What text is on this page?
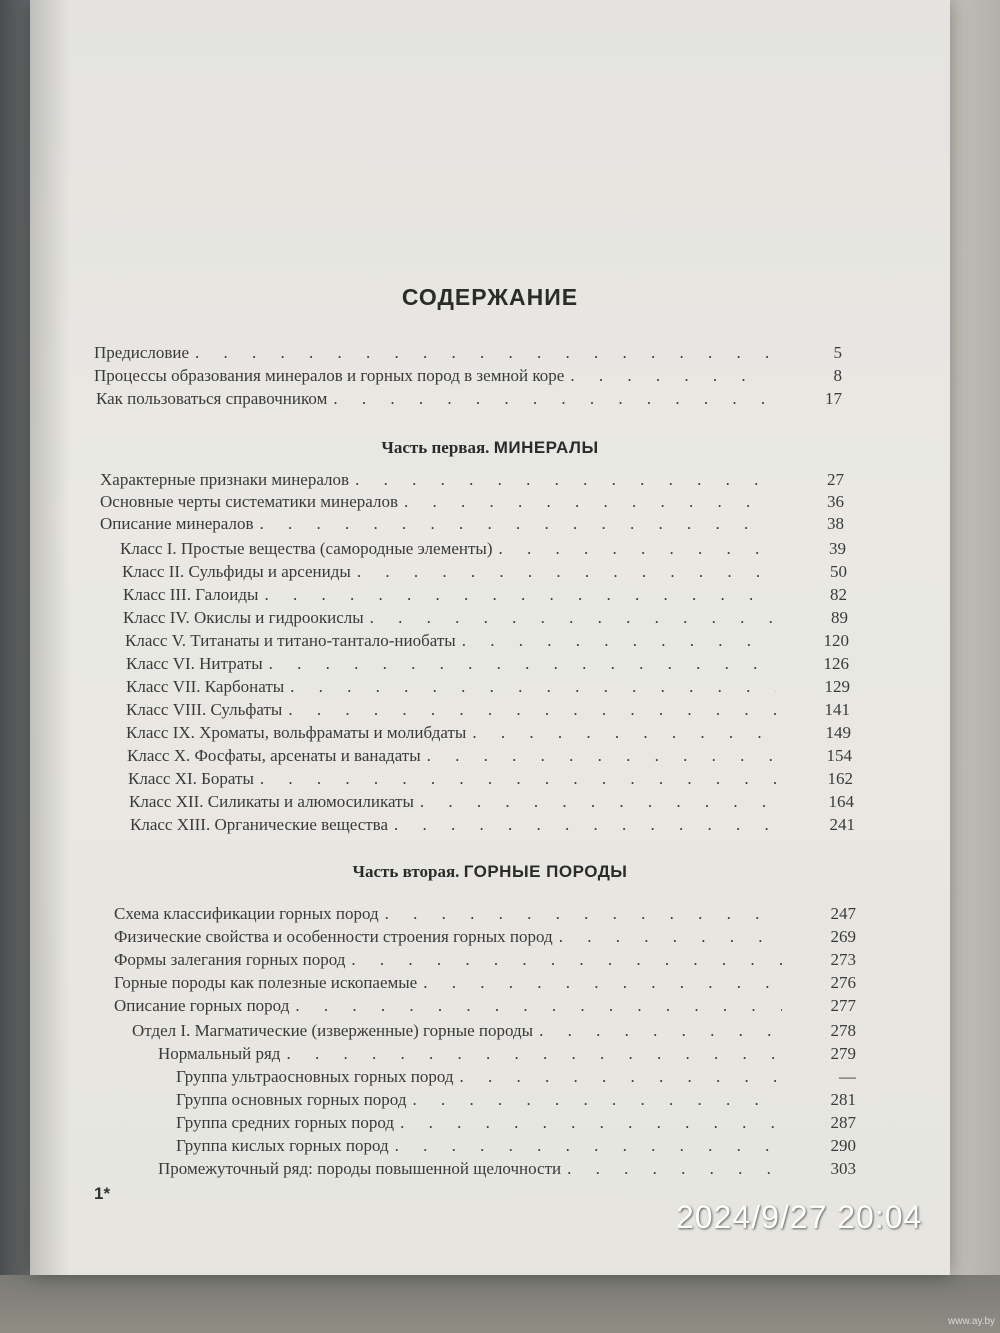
СОДЕРЖАНИЕ
Предисловие . . .	5
Процессы образования минералов и горных пород в земной коре . . .	8
Как пользоваться справочником . . .	17
Часть первая. МИНЕРАЛЫ
Характерные признаки минералов . . .	27
Основные черты систематики минералов . . .	36
Описание минералов . . .	38
Класс I. Простые вещества (самородные элементы) . . .	39
Класс II. Сульфиды и арсениды . . .	50
Класс III. Галоиды . . .	82
Класс IV. Окислы и гидроокислы . . .	89
Класс V. Титанаты и титано-тантало-ниобаты . . .	120
Класс VI. Нитраты . . .	126
Класс VII. Карбонаты . . .	129
Класс VIII. Сульфаты . . .	141
Класс IX. Хроматы, вольфраматы и молибдаты . . .	149
Класс X. Фосфаты, арсенаты и ванадаты . . .	154
Класс XI. Бораты . . .	162
Класс XII. Силикаты и алюмосиликаты . . .	164
Класс XIII. Органические вещества . . .	241
Часть вторая. ГОРНЫЕ ПОРОДЫ
Схема классификации горных пород . . .	247
Физические свойства и особенности строения горных пород . . .	269
Формы залегания горных пород . . .	273
Горные породы как полезные ископаемые . . .	276
Описание горных пород . . .	277
Отдел I. Магматические (изверженные) горные породы . . .	278
Нормальный ряд . . .	279
Группа ультраосновных горных пород . . .	—
Группа основных горных пород . . .	281
Группа средних горных пород . . .	287
Группа кислых горных пород . . .	290
Промежуточный ряд: породы повышенной щелочности . . .	303
1*
2024/9/27 20:04
www.ay.by
